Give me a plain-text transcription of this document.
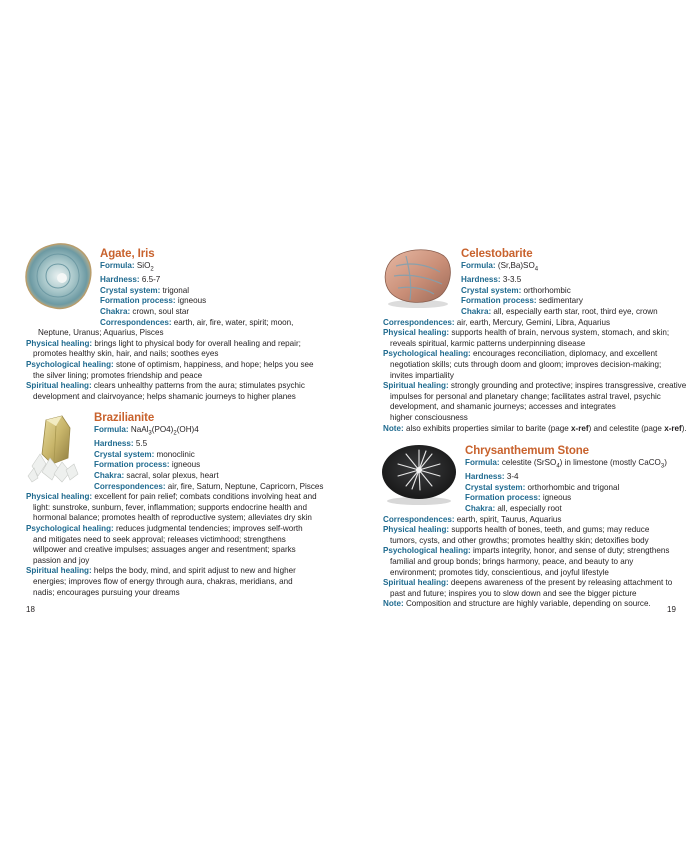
Agate, Iris
Formula: SiO$_2$
Hardness: 6.5-7
Crystal system: trigonal
Formation process: igneous
Chakra: crown, soul star
Correspondences: earth, air, fire, water, spirit; moon,
Neptune, Uranus; Aquarius, Pisces
Physical healing: brings light to physical body for overall healing and repair;
promotes healthy skin, hair, and nails; soothes eyes
Psychological healing: stone of optimism, happiness, and hope; helps you see
the silver lining; promotes friendship and peace
Spiritual healing: clears unhealthy patterns from the aura; stimulates psychic
development and clairvoyance; helps shamanic journeys to higher planes
Brazilianite
Formula: $NaAl_3(PO4)_2(OH)4$
Hardness: 5.5
Crystal system: monoclinic
Formation process: igneous
Chakra: sacral, solar plexus, heart
Correspondences: air, fire, Saturn, Neptune, Capricorn, Pisces
Physical healing: excellent for pain relief; combats conditions involving heat and
light: sunstroke, sunburn, fever, inflammation; supports endocrine health and
hormonal balance; promotes health of reproductive system; alleviates dry skin
Psychological healing: reduces judgmental tendencies; improves self-worth
and mitigates need to seek approval; releases victimhood; strengthens
willpower and creative impulses; assuages anger and resentment; sparks
passion and joy
Spiritual healing: helps the body, mind, and spirit adjust to new and higher
energies; improves flow of energy through aura, chakras, meridians, and
nadis; encourages pursuing your dreams
18
Celestobarite
Formula: $(Sr,Ba)SO_4$
Hardness: 3-3.5
Crystal system: orthorhombic
Formation process: sedimentary
Chakra: all, especially earth star, root, third eye, crown
Correspondences: air, earth, Mercury, Gemini, Libra, Aquarius
Physical healing: supports health of brain, nervous system, stomach, and skin;
reveals spiritual, karmic patterns underpinning disease
Psychological healing: encourages reconciliation, diplomacy, and excellent
negotiation skills; cuts through doom and gloom; improves decision-making;
invites impartiality
Spiritual healing: strongly grounding and protective; inspires transgressive, creative
impulses for personal and planetary change; facilitates astral travel, psychic
development, and shamanic journeys; accesses and integrates
higher consciousness
Note: also exhibits properties similar to barite (page x-ref) and celestite (page x-ref).
Chrysanthemum Stone
Formula: celestite (SrSO$_4$) in limestone (mostly CaCO$_3$)
Hardness: 3-4
Crystal system: orthorhombic and trigonal
Formation process: igneous
Chakra: all, especially root
Correspondences: earth, spirit, Taurus, Aquarius
Physical healing: supports health of bones, teeth, and gums; may reduce
tumors, cysts, and other growths; promotes healthy skin; detoxifies body
Psychological healing: imparts integrity, honor, and sense of duty; strengthens
familial and group bonds; brings harmony, peace, and beauty to any
environment; promotes tidy, conscientious, and joyful lifestyle
Spiritual healing: deepens awareness of the present by releasing attachment to
past and future; inspires you to slow down and see the bigger picture
Note: Composition and structure are highly variable, depending on source.
19
